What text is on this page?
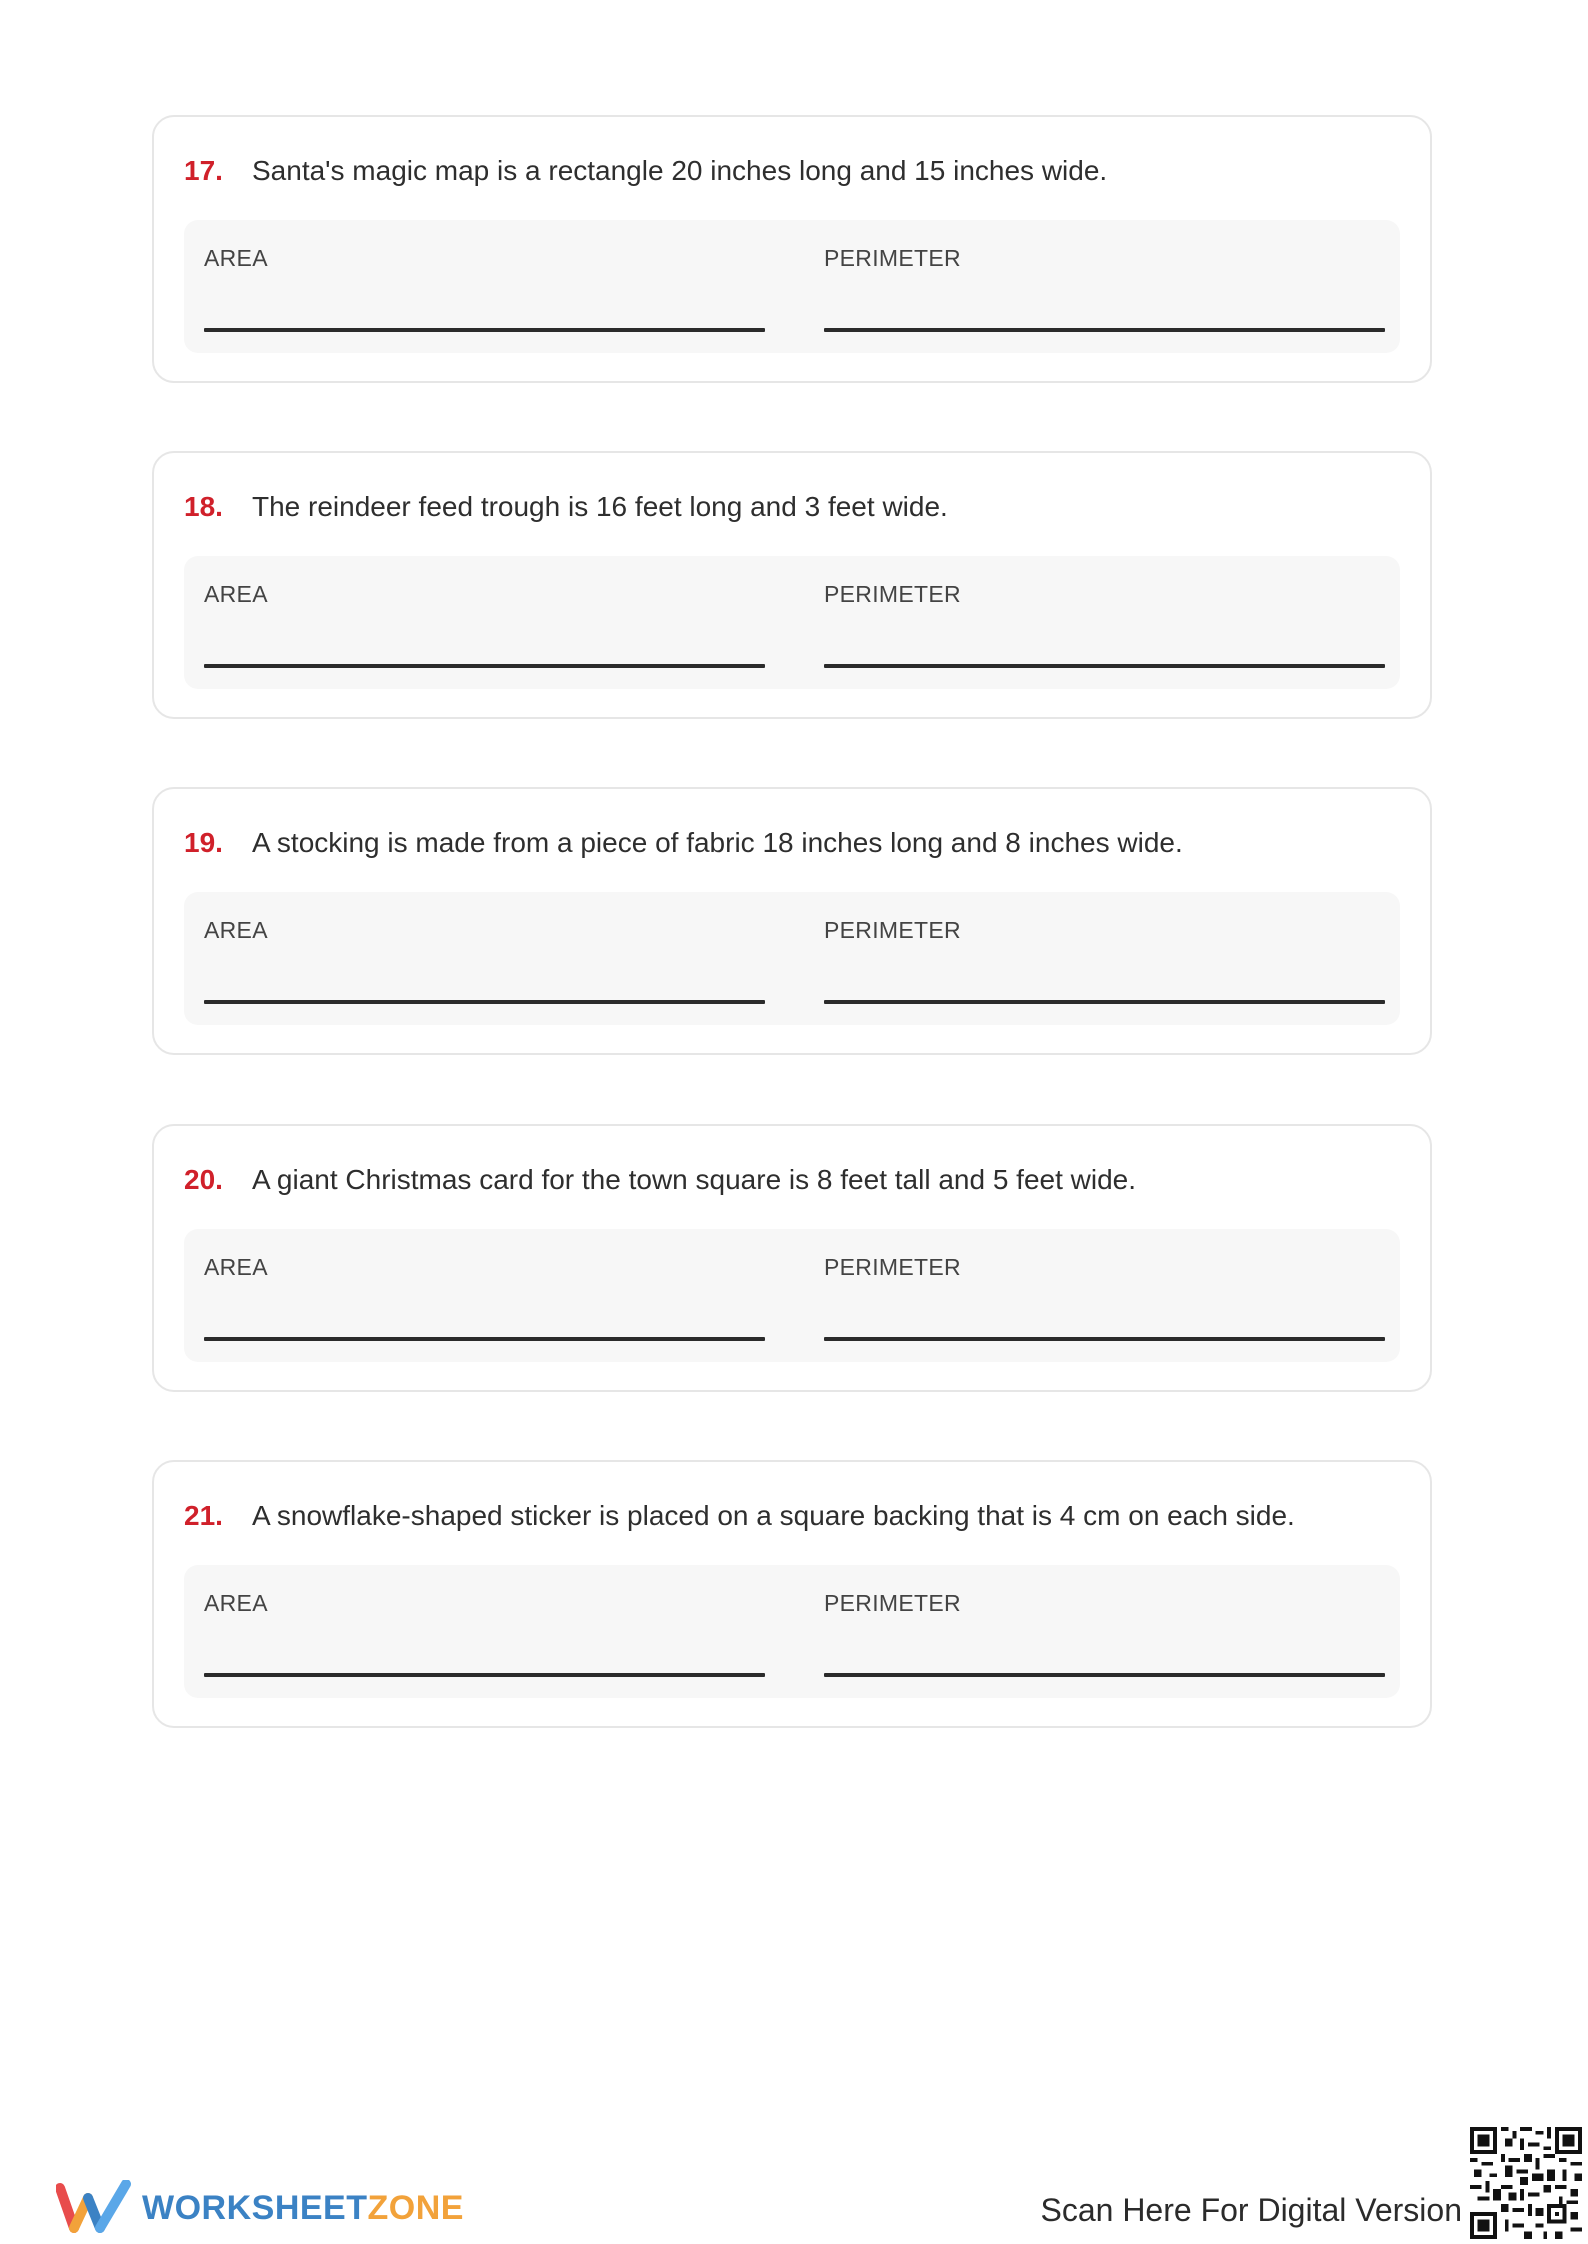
17. Santa's magic map is a rectangle 20 inches long and 15 inches wide.
AREA	PERIMETER
18. The reindeer feed trough is 16 feet long and 3 feet wide.
AREA	PERIMETER
19. A stocking is made from a piece of fabric 18 inches long and 8 inches wide.
AREA	PERIMETER
20. A giant Christmas card for the town square is 8 feet tall and 5 feet wide.
AREA	PERIMETER
21. A snowflake-shaped sticker is placed on a square backing that is 4 cm on each side.
AREA	PERIMETER
WORKSHEETZONE	Scan Here For Digital Version
